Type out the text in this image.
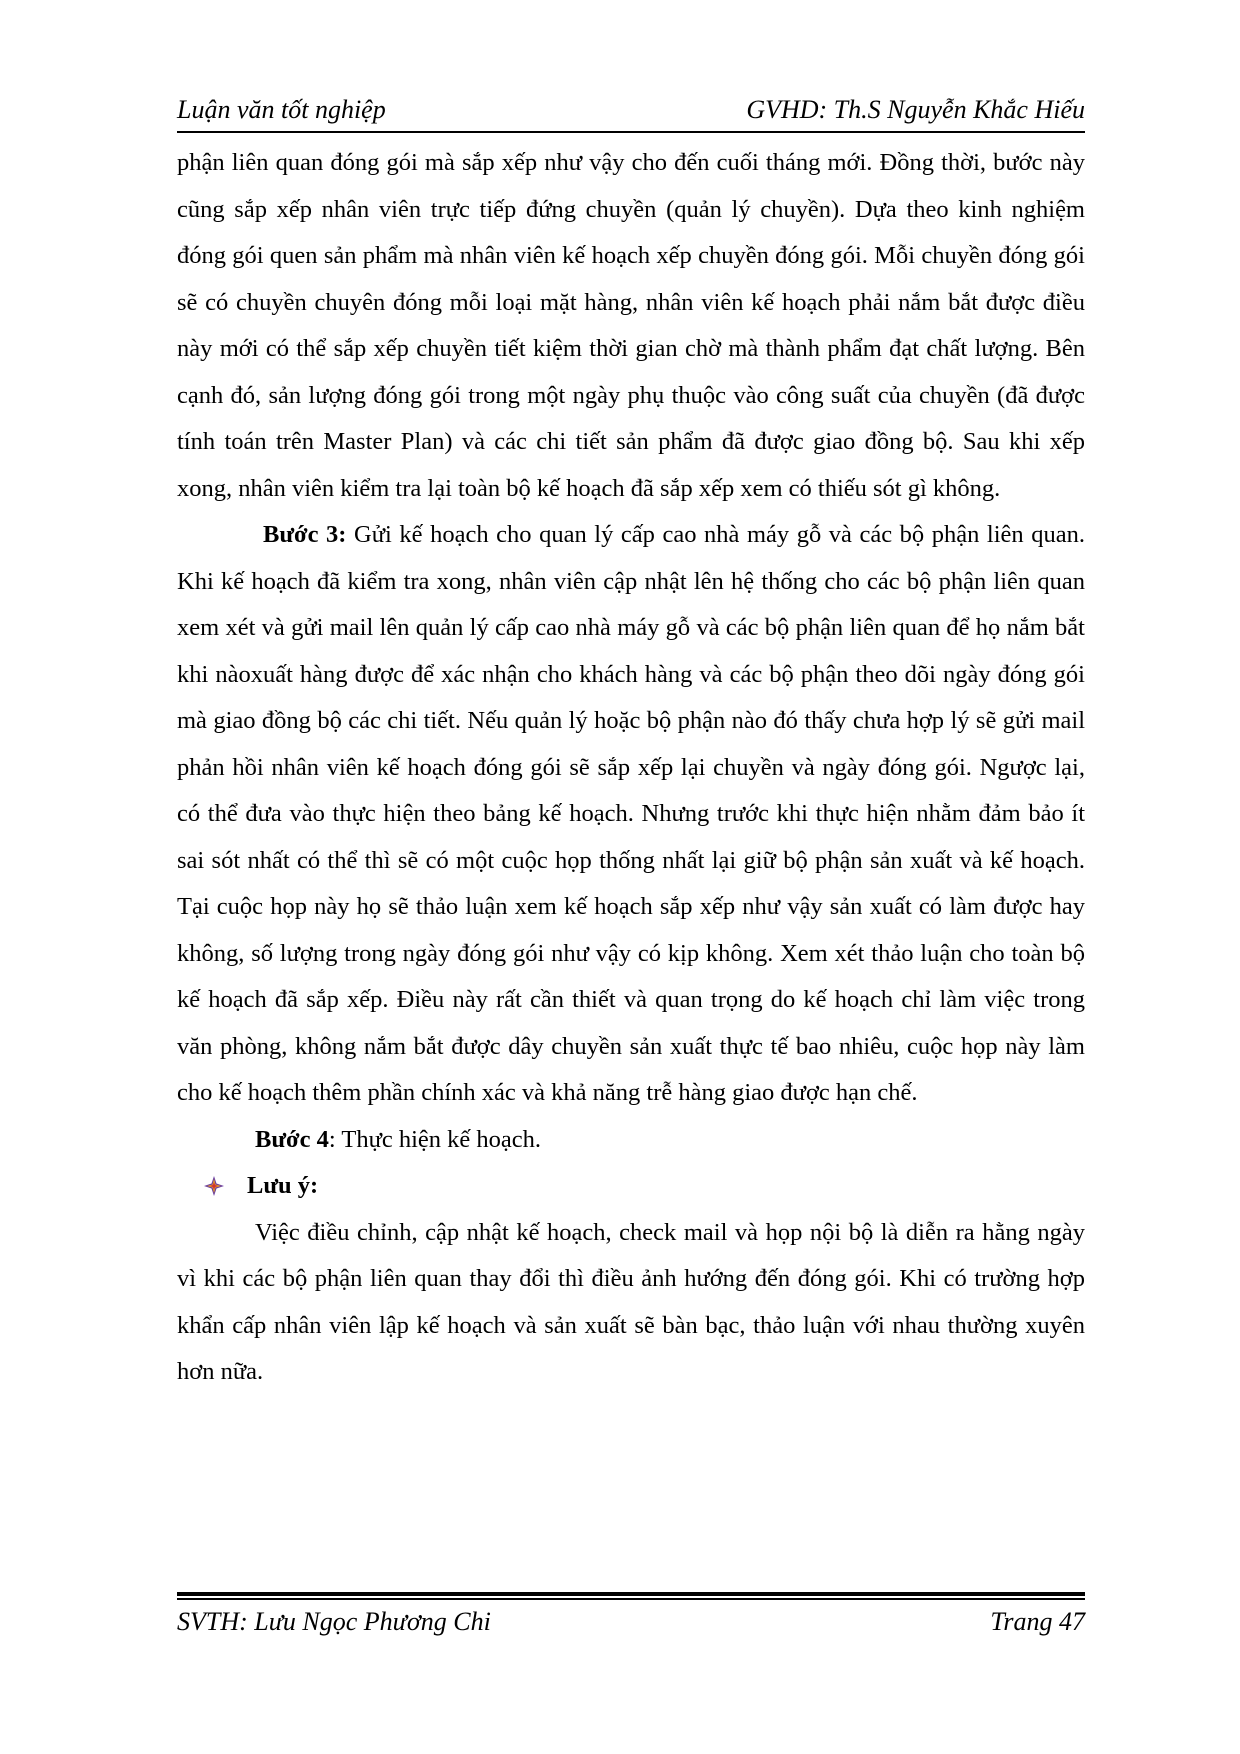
Luận văn tốt nghiệp	GVHD: Th.S Nguyễn Khắc Hiếu

phận liên quan đóng gói mà sắp xếp như vậy cho đến cuối tháng mới. Đồng thời, bước này cũng sắp xếp nhân viên trực tiếp đứng chuyền (quản lý chuyền). Dựa theo kinh nghiệm đóng gói quen sản phẩm mà nhân viên kế hoạch xếp chuyền đóng gói. Mỗi chuyền đóng gói sẽ có chuyền chuyên đóng mỗi loại mặt hàng, nhân viên kế hoạch phải nắm bắt được điều này mới có thể sắp xếp chuyền tiết kiệm thời gian chờ mà thành phẩm đạt chất lượng. Bên cạnh đó, sản lượng đóng gói trong một ngày phụ thuộc vào công suất của chuyền (đã được tính toán trên Master Plan) và các chi tiết sản phẩm đã được giao đồng bộ. Sau khi xếp xong, nhân viên kiểm tra lại toàn bộ kế hoạch đã sắp xếp xem có thiếu sót gì không.

Bước 3: Gửi kế hoạch cho quan lý cấp cao nhà máy gỗ và các bộ phận liên quan. Khi kế hoạch đã kiểm tra xong, nhân viên cập nhật lên hệ thống cho các bộ phận liên quan xem xét và gửi mail lên quản lý cấp cao nhà máy gỗ và các bộ phận liên quan để họ nắm bắt khi nàoxuất hàng được để xác nhận cho khách hàng và các bộ phận theo dõi ngày đóng gói mà giao đồng bộ các chi tiết. Nếu quản lý hoặc bộ phận nào đó thấy chưa hợp lý sẽ gửi mail phản hồi nhân viên kế hoạch đóng gói sẽ sắp xếp lại chuyền và ngày đóng gói. Ngược lại, có thể đưa vào thực hiện theo bảng kế hoạch. Nhưng trước khi thực hiện nhằm đảm bảo ít sai sót nhất có thể thì sẽ có một cuộc họp thống nhất lại giữ bộ phận sản xuất và kế hoạch. Tại cuộc họp này họ sẽ thảo luận xem kế hoạch sắp xếp như vậy sản xuất có làm được hay không, số lượng trong ngày đóng gói như vậy có kịp không. Xem xét thảo luận cho toàn bộ kế hoạch đã sắp xếp. Điều này rất cần thiết và quan trọng do kế hoạch chỉ làm việc trong văn phòng, không nắm bắt được dây chuyền sản xuất thực tế bao nhiêu, cuộc họp này làm cho kế hoạch thêm phần chính xác và khả năng trễ hàng giao được hạn chế.

Bước 4: Thực hiện kế hoạch.

Lưu ý:

Việc điều chỉnh, cập nhật kế hoạch, check mail và họp nội bộ là diễn ra hằng ngày vì khi các bộ phận liên quan thay đổi thì điều ảnh hướng đến đóng gói. Khi có trường hợp khẩn cấp nhân viên lập kế hoạch và sản xuất sẽ bàn bạc, thảo luận với nhau thường xuyên hơn nữa.

SVTH: Lưu Ngọc Phương Chi	Trang 47
